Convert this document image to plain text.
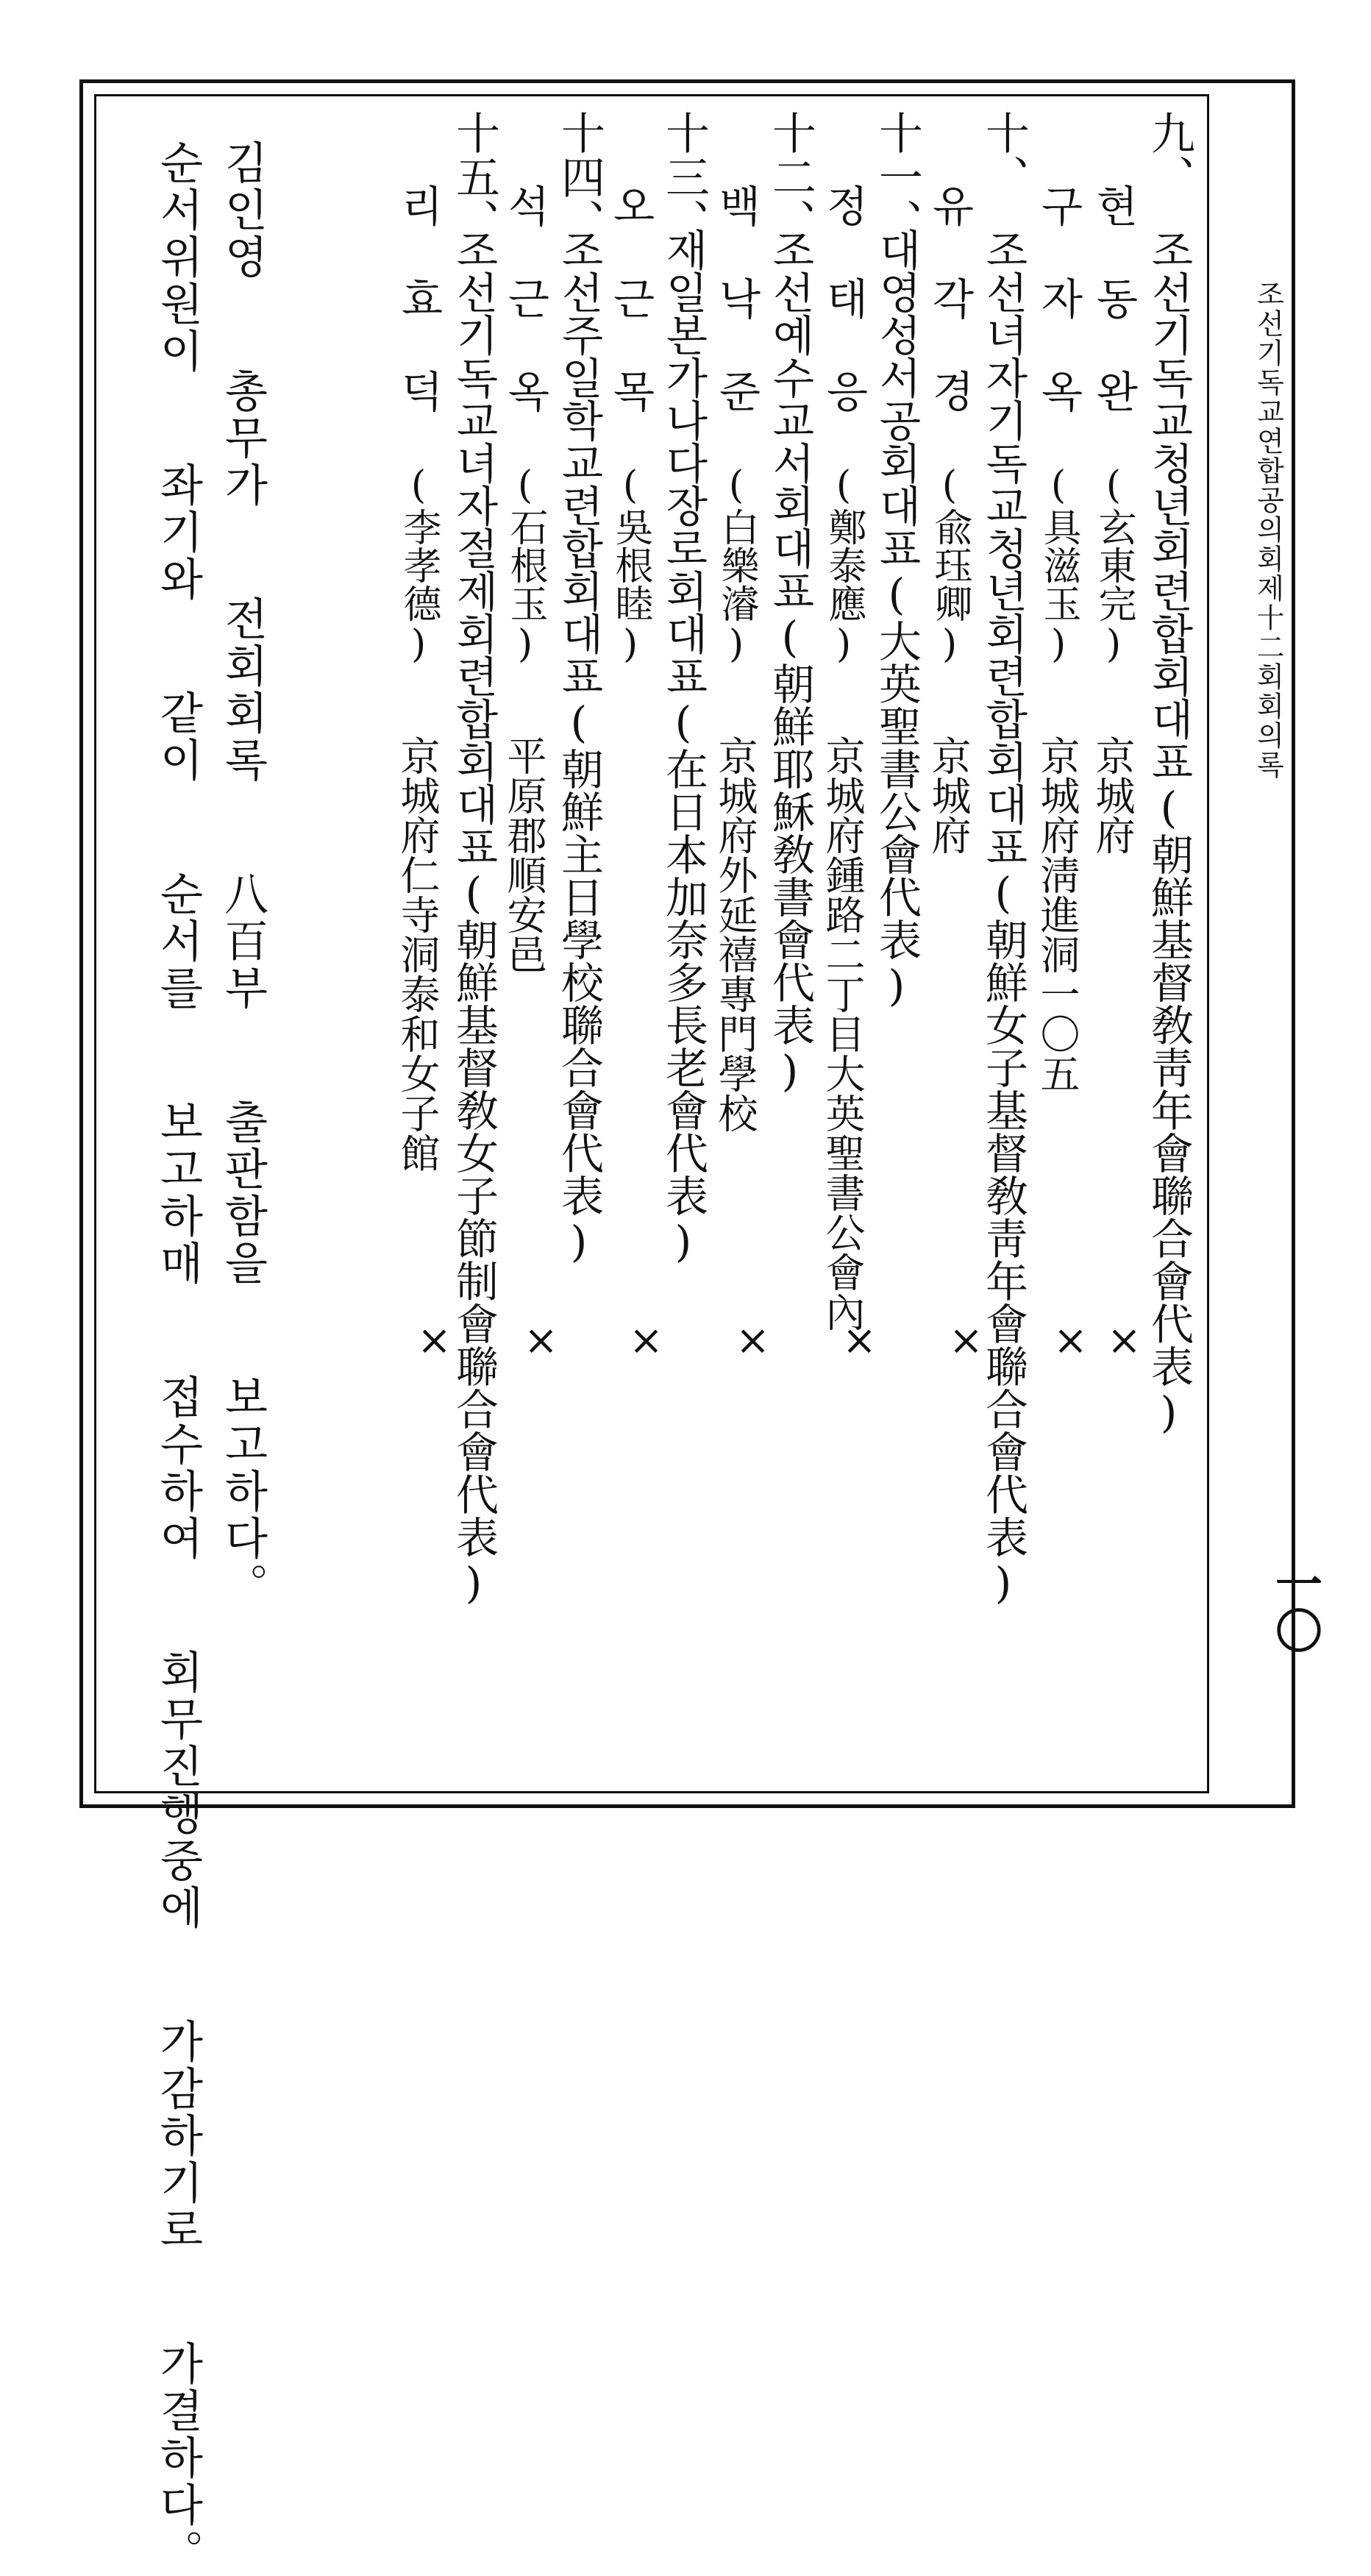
조선기독교연합공의회제十二회회의록
一〇
九、
조선기독교청년회련합회대표(朝鮮基督敎靑年會聯合會代表)
현 동 완(玄東完)
京城府
×
구 자 옥(具滋玉)
京城府淸進洞一〇五
×
十、
조선녀자기독교청년회련합회대표(朝鮮女子基督敎靑年會聯合會代表)
유 각 경(兪珏卿)
京城府
×
十一、
대영성서공회대표(大英聖書公會代表)
정 태 응(鄭泰應)
京城府鍾路二丁目大英聖書公會內
×
十二、
조선예수교서회대표(朝鮮耶穌敎書會代表)
백 낙 준(白樂濬)
京城府外延禧專門學校
×
十三、
재일본가나다장로회대표(在日本加奈多長老會代表)
오 근 목(吳根睦)
×
十四、
조선주일학교련합회대표(朝鮮主日學校聯合會代表)
석 근 옥(石根玉)
平原郡順安邑
×
十五、
조선기독교녀자절제회련합회대표(朝鮮基督敎女子節制會聯合會代表)
리 효 덕(李孝德)
京城府仁寺洞泰和女子館
×
김인영 총무가 전회회록 八百부 출판함을 보고하다。
순서위원이 좌기와 같이 순서를 보고하매 접수하여 회무진행중에 가감하기로 가결하다。
